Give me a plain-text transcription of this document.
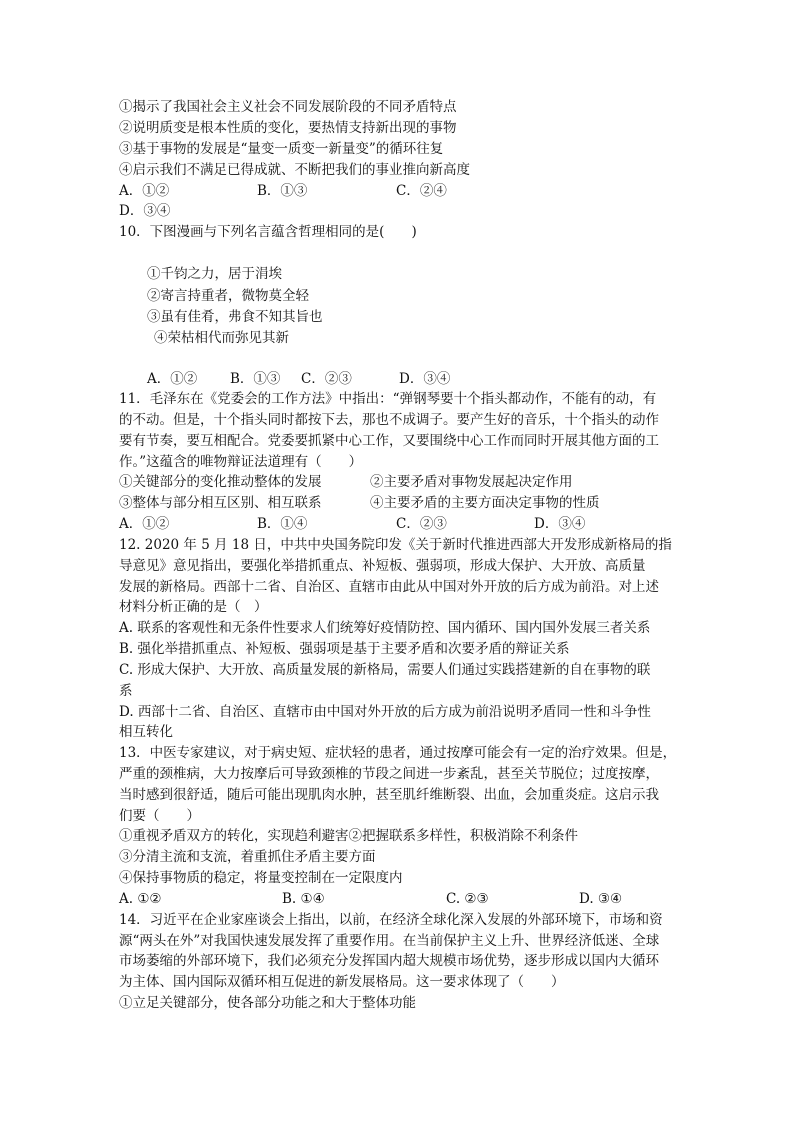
①揭示了我国社会主义社会不同发展阶段的不同矛盾特点
②说明质变是根本性质的变化，要热情支持新出现的事物
③基于事物的发展是“量变一质变一新量变”的循环往复
④启示我们不满足已得成就、不断把我们的事业推向新高度
A．①②	B．①③	C．②④
D．③④
10．下图漫画与下列名言蕴含哲理相同的是(　　)
①千钧之力，居于涓埃
②寄言持重者，微物莫全轻
③虽有佳肴，弗食不知其旨也
④荣枯相代而弥见其新
A．①② B．①③ C．②③	D．③④
11．毛泽东在《党委会的工作方法》中指出：“弹钢琴要十个指头都动作，不能有的动，有
的不动。但是，十个指头同时都按下去，那也不成调子。要产生好的音乐，十个指头的动作
要有节奏，要互相配合。党委要抓紧中心工作，又要围绕中心工作而同时开展其他方面的工
作。”这蕴含的唯物辩证法道理有（　　）
①关键部分的变化推动整体的发展	②主要矛盾对事物发展起决定作用
③整体与部分相互区别、相互联系	④主要矛盾的主要方面决定事物的性质
A．①②	B．①④	C．②③	D．③④
12. 2020 年 5 月 18 日，中共中央国务院印发《关于新时代推进西部大开发形成新格局的指
导意见》意见指出，要强化举措抓重点、补短板、强弱项，形成大保护、大开放、高质量
发展的新格局。西部十二省、自治区、直辖市由此从中国对外开放的后方成为前沿。对上述
材料分析正确的是（　）
A. 联系的客观性和无条件性要求人们统筹好疫情防控、国内循环、国内国外发展三者关系
B. 强化举措抓重点、补短板、强弱项是基于主要矛盾和次要矛盾的辩证关系
C. 形成大保护、大开放、高质量发展的新格局，需要人们通过实践搭建新的自在事物的联
系
D. 西部十二省、自治区、直辖市由中国对外开放的后方成为前沿说明矛盾同一性和斗争性
相互转化
13．中医专家建议，对于病史短、症状轻的患者，通过按摩可能会有一定的治疗效果。但是，
严重的颈椎病，大力按摩后可导致颈椎的节段之间进一步紊乱，甚至关节脱位；过度按摩，
当时感到很舒适，随后可能出现肌肉水肿，甚至肌纤维断裂、出血，会加重炎症。这启示我
们要（　　）
①重视矛盾双方的转化，实现趋利避害②把握联系多样性，积极消除不利条件
③分清主流和支流，着重抓住矛盾主要方面
④保持事物质的稳定，将量变控制在一定限度内
A. ①②	B. ①④	C. ②③	D. ③④
14．习近平在企业家座谈会上指出，以前，在经济全球化深入发展的外部环境下，市场和资
源“两头在外”对我国快速发展发挥了重要作用。在当前保护主义上升、世界经济低迷、全球
市场萎缩的外部环境下，我们必须充分发挥国内超大规模市场优势，逐步形成以国内大循环
为主体、国内国际双循环相互促进的新发展格局。这一要求体现了（　　）
①立足关键部分，使各部分功能之和大于整体功能
